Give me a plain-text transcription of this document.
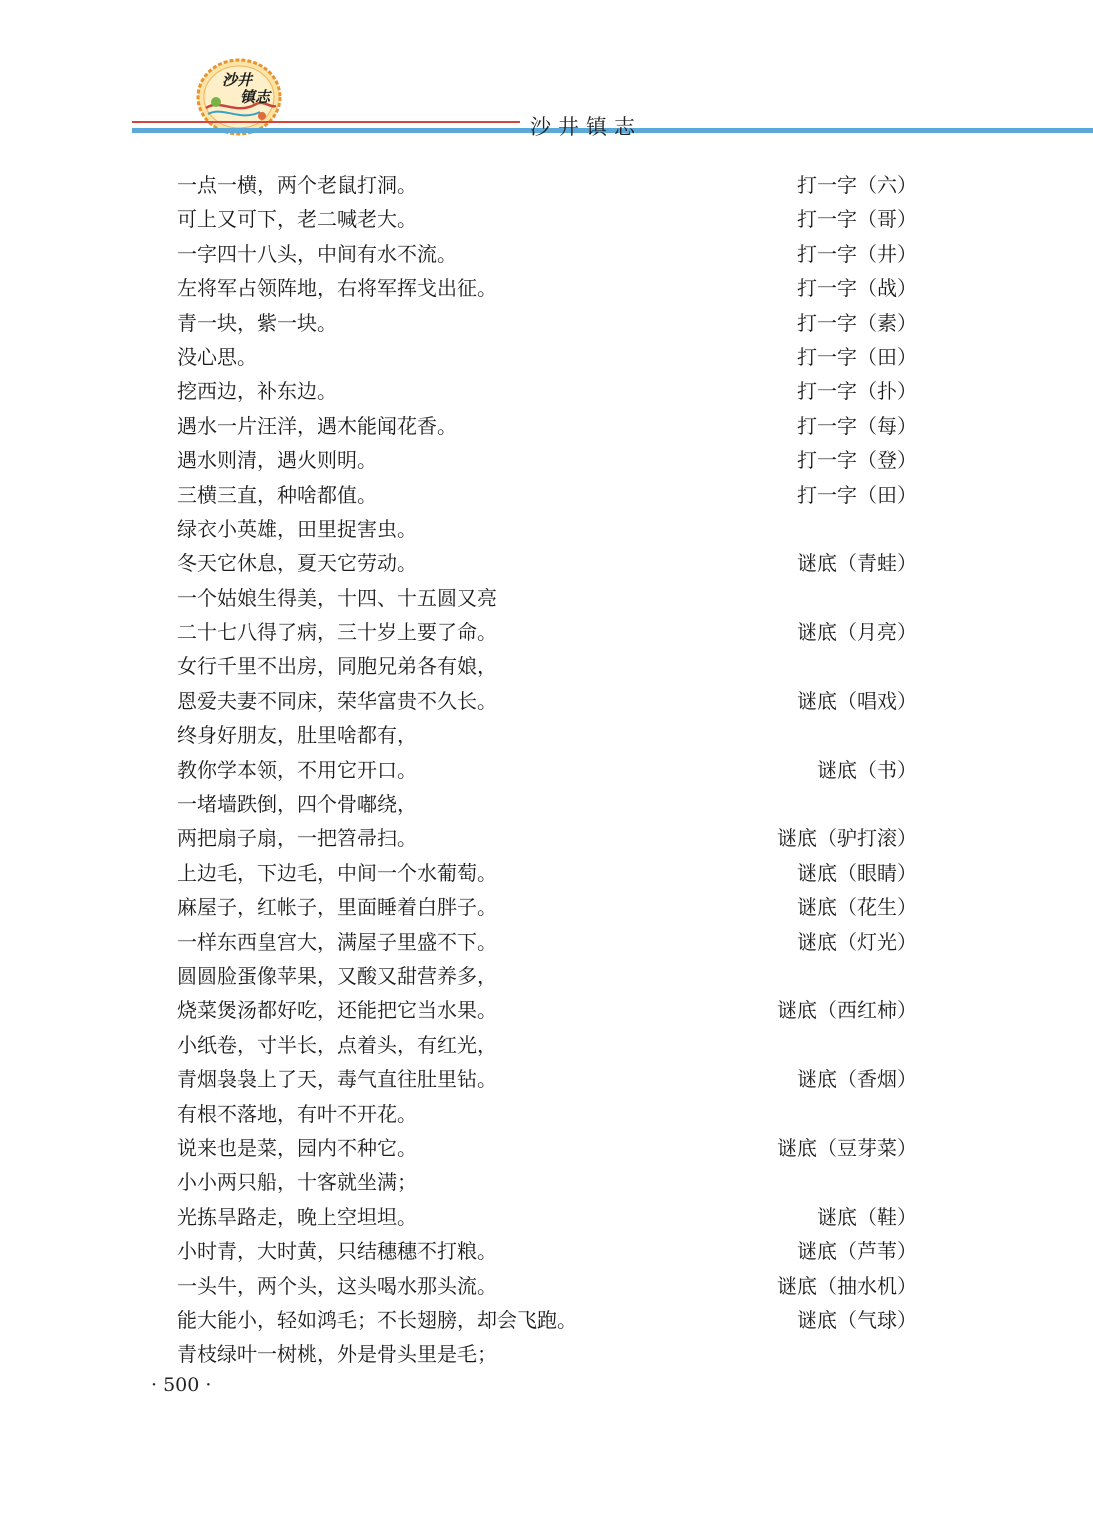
沙井
镇志
沙井镇志
一点一横，两个老鼠打洞。	打一字（六）
可上又可下，老二喊老大。	打一字（哥）
一字四十八头，中间有水不流。	打一字（井）
左将军占领阵地，右将军挥戈出征。	打一字（战）
青一块，紫一块。	打一字（素）
没心思。	打一字（田）
挖西边，补东边。	打一字（扑）
遇水一片汪洋，遇木能闻花香。	打一字（每）
遇水则清，遇火则明。	打一字（登）
三横三直，种啥都值。	打一字（田）
绿衣小英雄，田里捉害虫。
冬天它休息，夏天它劳动。	谜底（青蛙）
一个姑娘生得美，十四、十五圆又亮
二十七八得了病，三十岁上要了命。	谜底（月亮）
女行千里不出房，同胞兄弟各有娘，
恩爱夫妻不同床，荣华富贵不久长。	谜底（唱戏）
终身好朋友，肚里啥都有，
教你学本领，不用它开口。	谜底（书）
一堵墙跌倒，四个骨嘟绕，
两把扇子扇，一把笤帚扫。	谜底（驴打滚）
上边毛，下边毛，中间一个水葡萄。	谜底（眼睛）
麻屋子，红帐子，里面睡着白胖子。	谜底（花生）
一样东西皇宫大，满屋子里盛不下。	谜底（灯光）
圆圆脸蛋像苹果，又酸又甜营养多，
烧菜煲汤都好吃，还能把它当水果。	谜底（西红柿）
小纸卷，寸半长，点着头，有红光，
青烟袅袅上了天，毒气直往肚里钻。	谜底（香烟）
有根不落地，有叶不开花。
说来也是菜，园内不种它。	谜底（豆芽菜）
小小两只船，十客就坐满；
光拣旱路走，晚上空坦坦。	谜底（鞋）
小时青，大时黄，只结穗穗不打粮。	谜底（芦苇）
一头牛，两个头，这头喝水那头流。	谜底（抽水机）
能大能小，轻如鸿毛；不长翅膀，却会飞跑。	谜底（气球）
青枝绿叶一树桃，外是骨头里是毛；
· 500 ·
